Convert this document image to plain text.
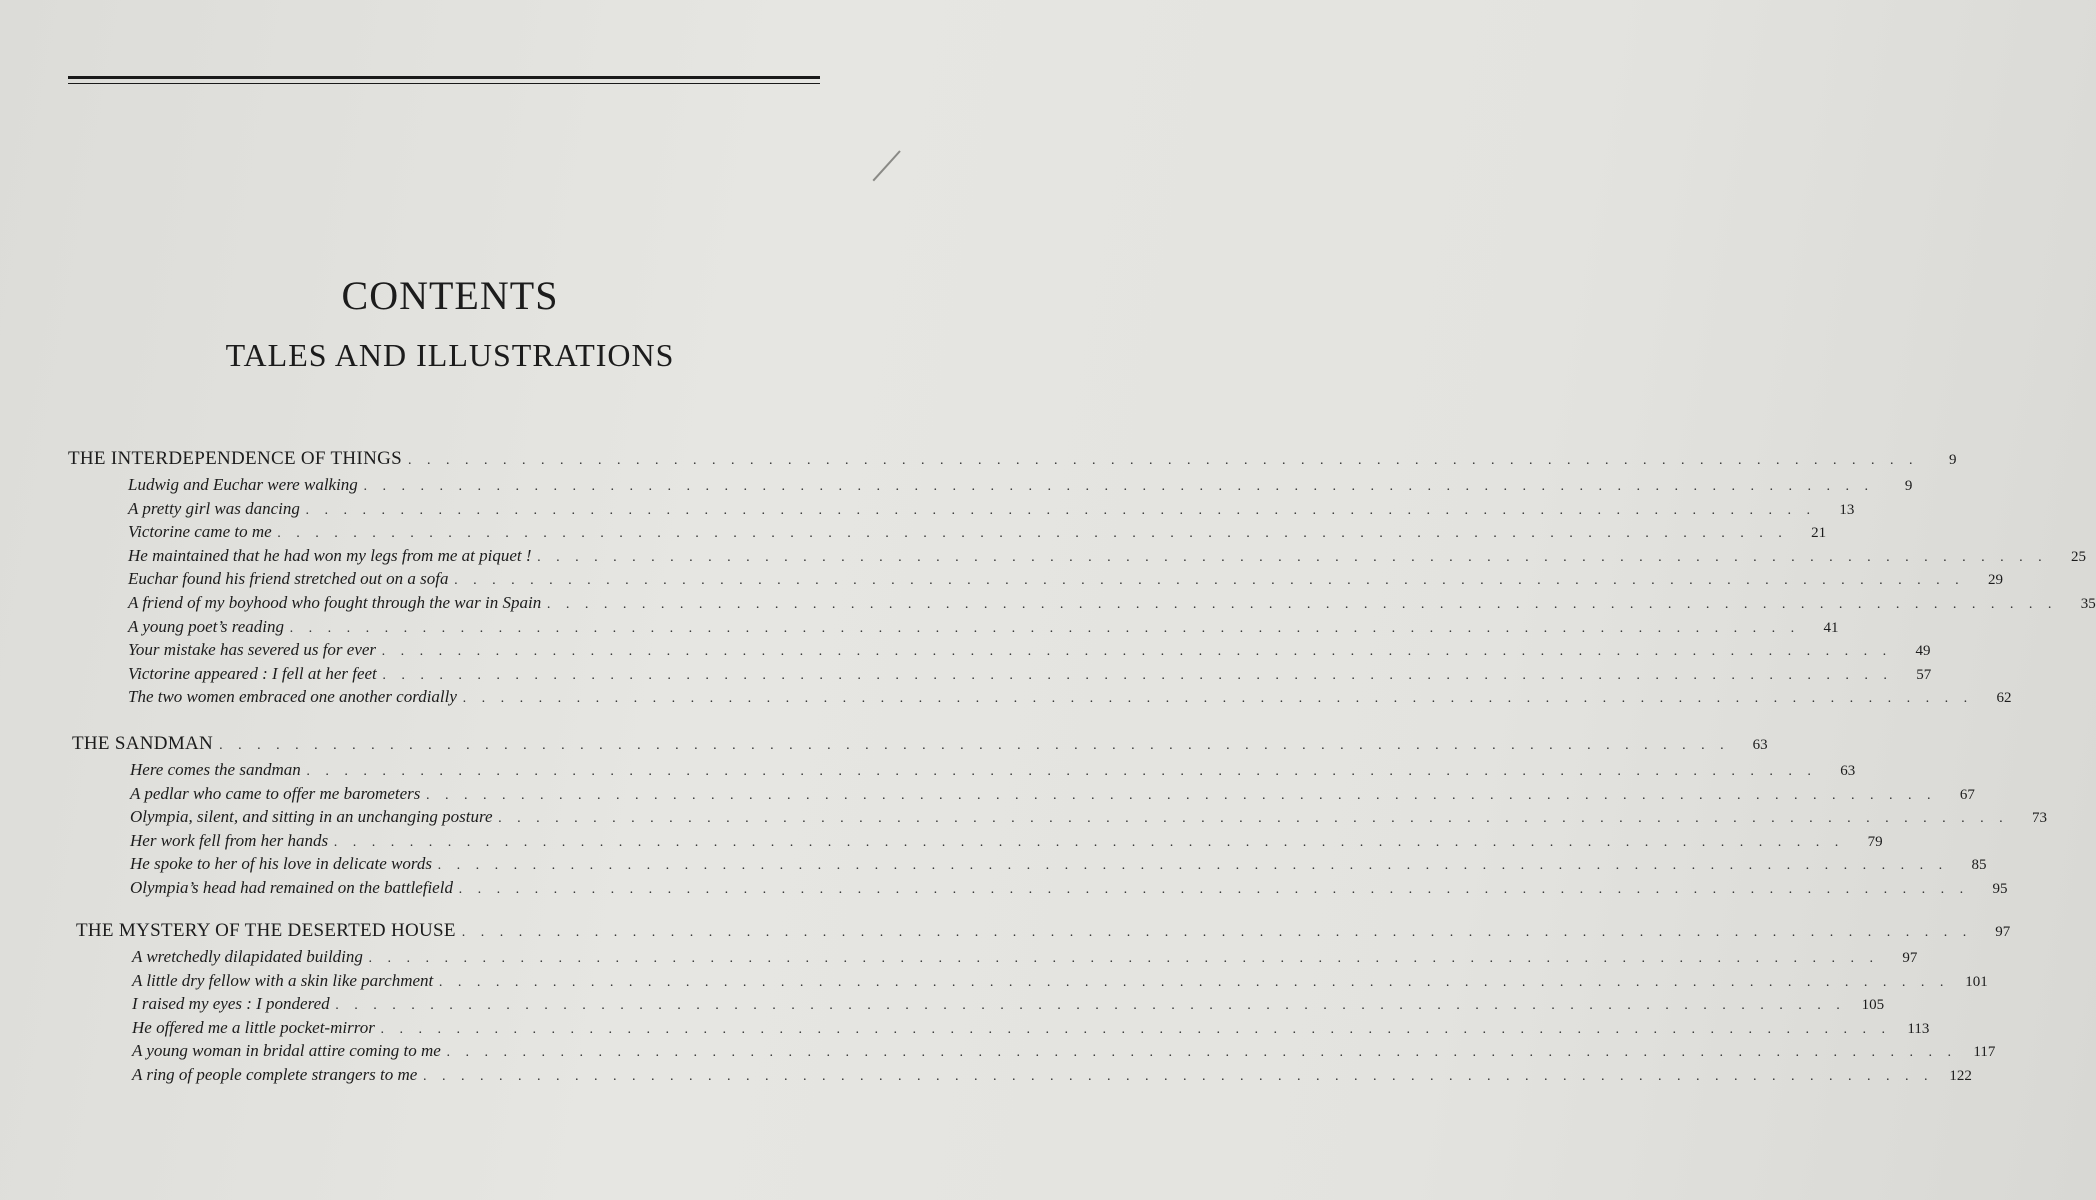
CONTENTS
TALES AND ILLUSTRATIONS
THE INTERDEPENDENCE OF THINGS . . . . . . . . . . . . . . . . . . . . . . . . . . . . . . . . . . . . . . . . . . . . . . . . . . . . . . . . . . . . . . . . . . . . . . . . . . . . . . . .	9
Ludwig and Euchar were walking . . . . . . . . . . . . . . . . . . . . . . . . . . . . . . . . . . . . . . . . . . . . . . . . . . . . . . . . . . . . . . . . . . . . . . . . . . . . . . . .	9
A pretty girl was dancing . . . . . . . . . . . . . . . . . . . . . . . . . . . . . . . . . . . . . . . . . . . . . . . . . . . . . . . . . . . . . . . . . . . . . . . . . . . . . . . .	13
Victorine came to me . . . . . . . . . . . . . . . . . . . . . . . . . . . . . . . . . . . . . . . . . . . . . . . . . . . . . . . . . . . . . . . . . . . . . . . . . . . . . . . .	21
He maintained that he had won my legs from me at piquet ! . . . . . . . . . . . . . . . . . . . . . . . . . . . . . . . . . . . . . . . . . . . . . . . . . . . . . . . . . . . . . . . . . . . . . . . . . . . . . . . .	25
Euchar found his friend stretched out on a sofa . . . . . . . . . . . . . . . . . . . . . . . . . . . . . . . . . . . . . . . . . . . . . . . . . . . . . . . . . . . . . . . . . . . . . . . . . . . . . . . .	29
A friend of my boyhood who fought through the war in Spain . . . . . . . . . . . . . . . . . . . . . . . . . . . . . . . . . . . . . . . . . . . . . . . . . . . . . . . . . . . . . . . . . . . . . . . . . . . . . . . .	35
A young poet’s reading . . . . . . . . . . . . . . . . . . . . . . . . . . . . . . . . . . . . . . . . . . . . . . . . . . . . . . . . . . . . . . . . . . . . . . . . . . . . . . . .	41
Your mistake has severed us for ever . . . . . . . . . . . . . . . . . . . . . . . . . . . . . . . . . . . . . . . . . . . . . . . . . . . . . . . . . . . . . . . . . . . . . . . . . . . . . . . .	49
Victorine appeared : I fell at her feet . . . . . . . . . . . . . . . . . . . . . . . . . . . . . . . . . . . . . . . . . . . . . . . . . . . . . . . . . . . . . . . . . . . . . . . . . . . . . . . .	57
The two women embraced one another cordially . . . . . . . . . . . . . . . . . . . . . . . . . . . . . . . . . . . . . . . . . . . . . . . . . . . . . . . . . . . . . . . . . . . . . . . . . . . . . . . .	62
THE SANDMAN . . . . . . . . . . . . . . . . . . . . . . . . . . . . . . . . . . . . . . . . . . . . . . . . . . . . . . . . . . . . . . . . . . . . . . . . . . . . . . . .	63
Here comes the sandman . . . . . . . . . . . . . . . . . . . . . . . . . . . . . . . . . . . . . . . . . . . . . . . . . . . . . . . . . . . . . . . . . . . . . . . . . . . . . . . .	63
A pedlar who came to offer me barometers . . . . . . . . . . . . . . . . . . . . . . . . . . . . . . . . . . . . . . . . . . . . . . . . . . . . . . . . . . . . . . . . . . . . . . . . . . . . . . . .	67
Olympia, silent, and sitting in an unchanging posture . . . . . . . . . . . . . . . . . . . . . . . . . . . . . . . . . . . . . . . . . . . . . . . . . . . . . . . . . . . . . . . . . . . . . . . . . . . . . . . .	73
Her work fell from her hands . . . . . . . . . . . . . . . . . . . . . . . . . . . . . . . . . . . . . . . . . . . . . . . . . . . . . . . . . . . . . . . . . . . . . . . . . . . . . . . .	79
He spoke to her of his love in delicate words . . . . . . . . . . . . . . . . . . . . . . . . . . . . . . . . . . . . . . . . . . . . . . . . . . . . . . . . . . . . . . . . . . . . . . . . . . . . . . . .	85
Olympia’s head had remained on the battlefield . . . . . . . . . . . . . . . . . . . . . . . . . . . . . . . . . . . . . . . . . . . . . . . . . . . . . . . . . . . . . . . . . . . . . . . . . . . . . . . .	95
THE MYSTERY OF THE DESERTED HOUSE . . . . . . . . . . . . . . . . . . . . . . . . . . . . . . . . . . . . . . . . . . . . . . . . . . . . . . . . . . . . . . . . . . . . . . . . . . . . . . . .	97
A wretchedly dilapidated building . . . . . . . . . . . . . . . . . . . . . . . . . . . . . . . . . . . . . . . . . . . . . . . . . . . . . . . . . . . . . . . . . . . . . . . . . . . . . . . .	97
A little dry fellow with a skin like parchment . . . . . . . . . . . . . . . . . . . . . . . . . . . . . . . . . . . . . . . . . . . . . . . . . . . . . . . . . . . . . . . . . . . . . . . . . . . . . . . .	101
I raised my eyes : I pondered . . . . . . . . . . . . . . . . . . . . . . . . . . . . . . . . . . . . . . . . . . . . . . . . . . . . . . . . . . . . . . . . . . . . . . . . . . . . . . . .	105
He offered me a little pocket-mirror . . . . . . . . . . . . . . . . . . . . . . . . . . . . . . . . . . . . . . . . . . . . . . . . . . . . . . . . . . . . . . . . . . . . . . . . . . . . . . . .	113
A young woman in bridal attire coming to me . . . . . . . . . . . . . . . . . . . . . . . . . . . . . . . . . . . . . . . . . . . . . . . . . . . . . . . . . . . . . . . . . . . . . . . . . . . . . . . .	117
A ring of people complete strangers to me . . . . . . . . . . . . . . . . . . . . . . . . . . . . . . . . . . . . . . . . . . . . . . . . . . . . . . . . . . . . . . . . . . . . . . . . . . . . . . . .	122
